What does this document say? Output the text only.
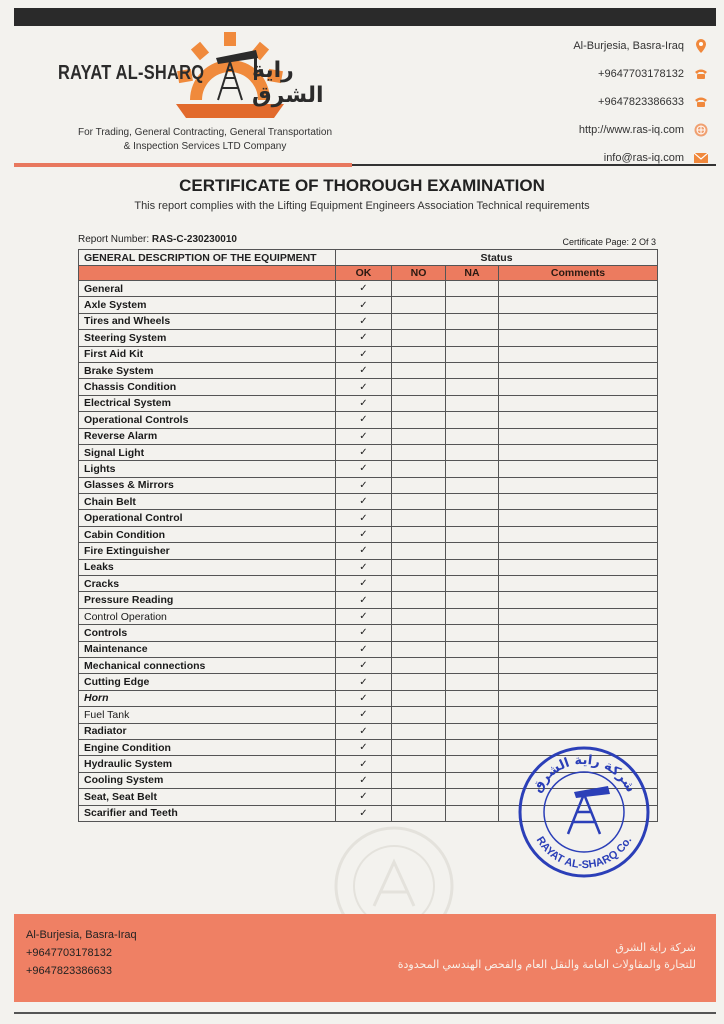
RAYAT AL-SHARQ راية الشرق
For Trading, General Contracting, General Transportation
& Inspection Services LTD Company
Al-Burjesia, Basra-Iraq
+9647703178132
+9647823386633
http://www.ras-iq.com
info@ras-iq.com
CERTIFICATE OF THOROUGH EXAMINATION
This report complies with the Lifting Equipment Engineers Association Technical requirements
Report Number: RAS-C-230230010	Certificate Page: 2 Of 3
GENERAL DESCRIPTION OF THE EQUIPMENT	Status			
	OK	NO	NA	Comments
General	✓			
Axle System	✓			
Tires and Wheels	✓			
Steering System	✓			
First Aid Kit	✓			
Brake System	✓			
Chassis Condition	✓			
Electrical System	✓			
Operational Controls	✓			
Reverse Alarm	✓			
Signal Light	✓			
Lights	✓			
Glasses & Mirrors	✓			
Chain Belt	✓			
Operational Control	✓			
Cabin Condition	✓			
Fire Extinguisher	✓			
Leaks	✓			
Cracks	✓			
Pressure Reading	✓			
Control Operation	✓			
Controls	✓			
Maintenance	✓			
Mechanical connections	✓			
Cutting Edge	✓			
Horn	✓			
Fuel Tank	✓			
Radiator	✓			
Engine Condition	✓			
Hydraulic System	✓			
Cooling System	✓			
Seat, Seat Belt	✓			
Scarifier and Teeth	✓			
شركة راية الشرق
RAYAT AL-SHARQ Co.
Al-Burjesia, Basra-Iraq
+9647703178132
+9647823386633
شركة راية الشرق
للتجارة والمقاولات العامة والنقل العام والفحص الهندسي المحدودة
